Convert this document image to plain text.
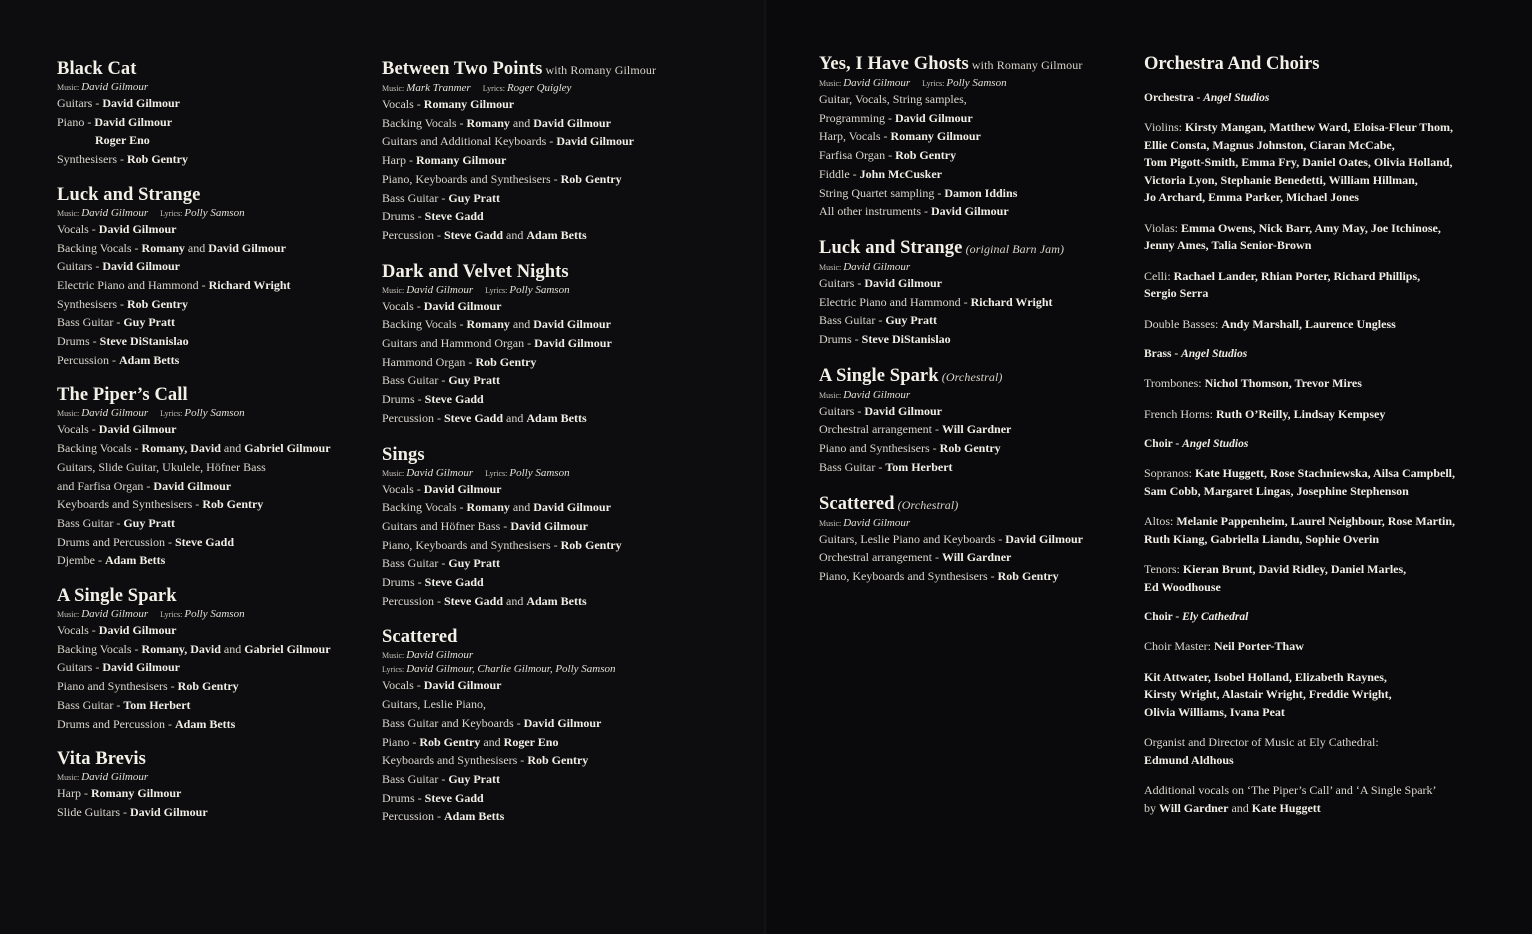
Black Cat
Music: David Gilmour
Guitars - David Gilmour
Piano - David Gilmour
Roger Eno
Synthesisers - Rob Gentry
Luck and Strange
Music: David Gilmour Lyrics: Polly Samson
Vocals - David Gilmour
Backing Vocals - Romany and David Gilmour
Guitars - David Gilmour
Electric Piano and Hammond - Richard Wright
Synthesisers - Rob Gentry
Bass Guitar - Guy Pratt
Drums - Steve DiStanislao
Percussion - Adam Betts
The Piper’s Call
Music: David Gilmour Lyrics: Polly Samson
Vocals - David Gilmour
Backing Vocals - Romany, David and Gabriel Gilmour
Guitars, Slide Guitar, Ukulele, Höfner Bass
and Farfisa Organ - David Gilmour
Keyboards and Synthesisers - Rob Gentry
Bass Guitar - Guy Pratt
Drums and Percussion - Steve Gadd
Djembe - Adam Betts
A Single Spark
Music: David Gilmour Lyrics: Polly Samson
Vocals - David Gilmour
Backing Vocals - Romany, David and Gabriel Gilmour
Guitars - David Gilmour
Piano and Synthesisers - Rob Gentry
Bass Guitar - Tom Herbert
Drums and Percussion - Adam Betts
Vita Brevis
Music: David Gilmour
Harp - Romany Gilmour
Slide Guitars - David Gilmour
Between Two Points with Romany Gilmour
Music: Mark Tranmer Lyrics: Roger Quigley
Vocals - Romany Gilmour
Backing Vocals - Romany and David Gilmour
Guitars and Additional Keyboards - David Gilmour
Harp - Romany Gilmour
Piano, Keyboards and Synthesisers - Rob Gentry
Bass Guitar - Guy Pratt
Drums - Steve Gadd
Percussion - Steve Gadd and Adam Betts
Dark and Velvet Nights
Music: David Gilmour Lyrics: Polly Samson
Vocals - David Gilmour
Backing Vocals - Romany and David Gilmour
Guitars and Hammond Organ - David Gilmour
Hammond Organ - Rob Gentry
Bass Guitar - Guy Pratt
Drums - Steve Gadd
Percussion - Steve Gadd and Adam Betts
Sings
Music: David Gilmour Lyrics: Polly Samson
Vocals - David Gilmour
Backing Vocals - Romany and David Gilmour
Guitars and Höfner Bass - David Gilmour
Piano, Keyboards and Synthesisers - Rob Gentry
Bass Guitar - Guy Pratt
Drums - Steve Gadd
Percussion - Steve Gadd and Adam Betts
Scattered
Music: David Gilmour
Lyrics: David Gilmour, Charlie Gilmour, Polly Samson
Vocals - David Gilmour
Guitars, Leslie Piano,
Bass Guitar and Keyboards - David Gilmour
Piano - Rob Gentry and Roger Eno
Keyboards and Synthesisers - Rob Gentry
Bass Guitar - Guy Pratt
Drums - Steve Gadd
Percussion - Adam Betts
Yes, I Have Ghosts with Romany Gilmour
Music: David Gilmour Lyrics: Polly Samson
Guitar, Vocals, String samples,
Programming - David Gilmour
Harp, Vocals - Romany Gilmour
Farfisa Organ - Rob Gentry
Fiddle - John McCusker
String Quartet sampling - Damon Iddins
All other instruments - David Gilmour
Luck and Strange (original Barn Jam)
Music: David Gilmour
Guitars - David Gilmour
Electric Piano and Hammond - Richard Wright
Bass Guitar - Guy Pratt
Drums - Steve DiStanislao
A Single Spark (Orchestral)
Music: David Gilmour
Guitars - David Gilmour
Orchestral arrangement - Will Gardner
Piano and Synthesisers - Rob Gentry
Bass Guitar - Tom Herbert
Scattered (Orchestral)
Music: David Gilmour
Guitars, Leslie Piano and Keyboards - David Gilmour
Orchestral arrangement - Will Gardner
Piano, Keyboards and Synthesisers - Rob Gentry
Orchestra And Choirs
Orchestra - Angel Studios
Violins: Kirsty Mangan, Matthew Ward, Eloisa-Fleur Thom,
Ellie Consta, Magnus Johnston, Ciaran McCabe,
Tom Pigott-Smith, Emma Fry, Daniel Oates, Olivia Holland,
Victoria Lyon, Stephanie Benedetti, William Hillman,
Jo Archard, Emma Parker, Michael Jones
Violas: Emma Owens, Nick Barr, Amy May, Joe Itchinose,
Jenny Ames, Talia Senior-Brown
Celli: Rachael Lander, Rhian Porter, Richard Phillips,
Sergio Serra
Double Basses: Andy Marshall, Laurence Ungless
Brass - Angel Studios
Trombones: Nichol Thomson, Trevor Mires
French Horns: Ruth O’Reilly, Lindsay Kempsey
Choir - Angel Studios
Sopranos: Kate Huggett, Rose Stachniewska, Ailsa Campbell,
Sam Cobb, Margaret Lingas, Josephine Stephenson
Altos: Melanie Pappenheim, Laurel Neighbour, Rose Martin,
Ruth Kiang, Gabriella Liandu, Sophie Overin
Tenors: Kieran Brunt, David Ridley, Daniel Marles,
Ed Woodhouse
Choir - Ely Cathedral
Choir Master: Neil Porter-Thaw
Kit Attwater, Isobel Holland, Elizabeth Raynes,
Kirsty Wright, Alastair Wright, Freddie Wright,
Olivia Williams, Ivana Peat
Organist and Director of Music at Ely Cathedral:
Edmund Aldhous
Additional vocals on ‘The Piper’s Call’ and ‘A Single Spark’
by Will Gardner and Kate Huggett
